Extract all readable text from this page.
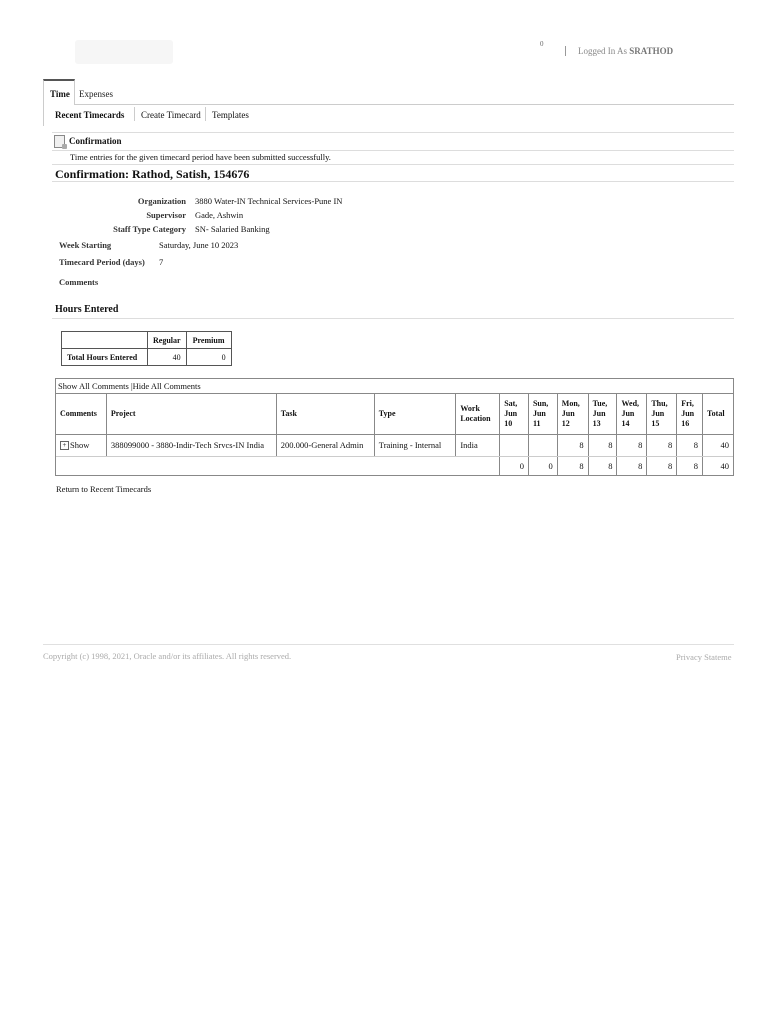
0
Logged In As SRATHOD
Time Expenses
Recent Timecards Create Timecard Templates
Confirmation
Time entries for the given timecard period have been submitted successfully.
Confirmation: Rathod, Satish, 154676
Organization 3880 Water-IN Technical Services-Pune IN
Supervisor Gade, Ashwin
Staff Type Category SN- Salaried Banking
Week Starting	Saturday, June 10 2023
Timecard Period (days) 7
Comments
Hours Entered
	Regular	Premium
Total Hours Entered	40	0
Show All Comments |Hide All Comments
Comments	Project	Task	Type	Work
Location	Sat,
Jun
10	Sun,
Jun
11	Mon,
Jun
12	Tue,
Jun
13	Wed,
Jun
14	Thu,
Jun
15	Fri,
Jun
16	Total
+ Show	388099000 - 3880-Indir-Tech Srvcs-IN India	200.000-General Admin	Training - Internal	India			8	8	8	8	8	40
					0	0	8	8	8	8	8	40
Return to Recent Timecards
Copyright (c) 1998, 2021, Oracle and/or its affiliates. All rights reserved.	Privacy Stateme
